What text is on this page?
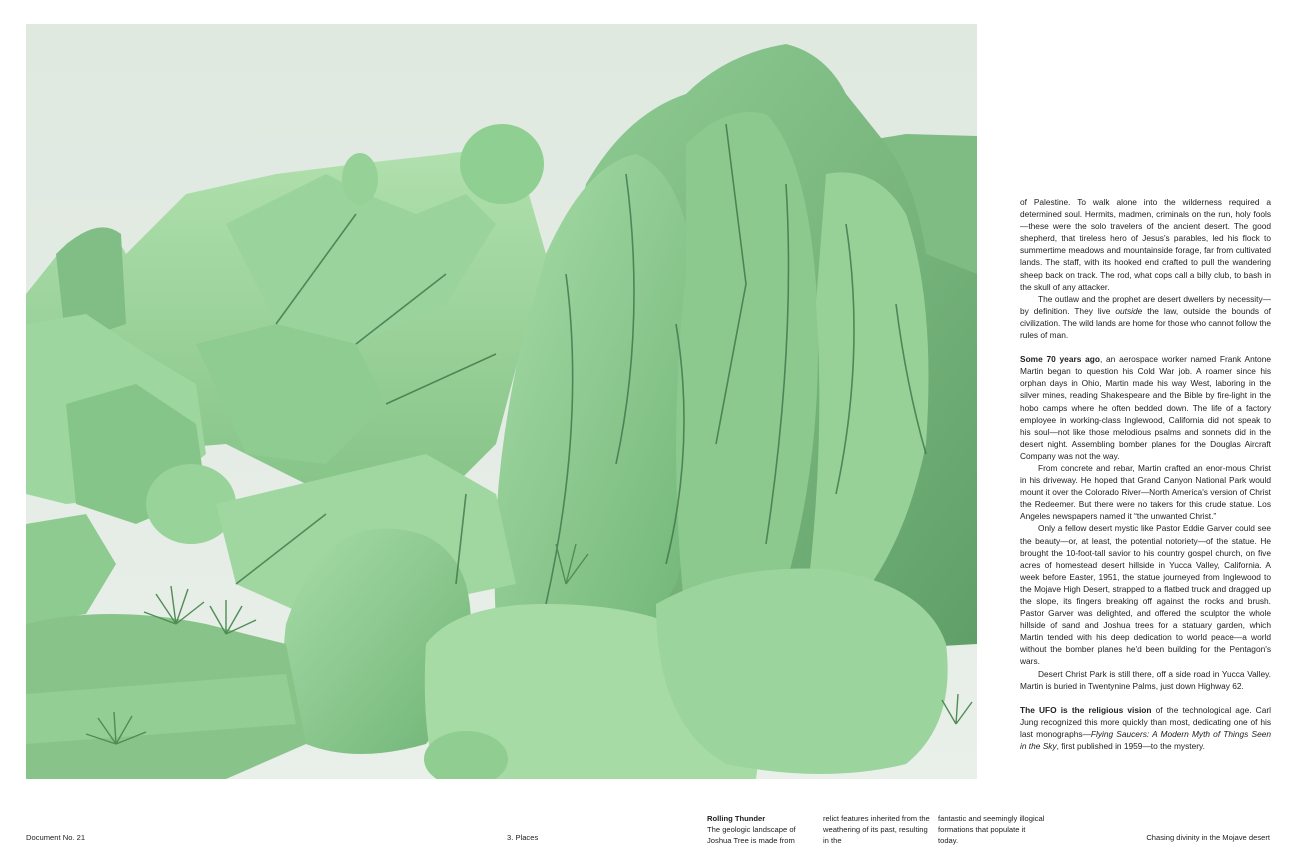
of Palestine. To walk alone into the wilderness required a determined soul. Hermits, madmen, criminals on the run, holy fools—these were the solo travelers of the ancient desert. The good shepherd, that tireless hero of Jesus's parables, led his flock to summertime meadows and mountainside forage, far from cultivated lands. The staff, with its hooked end crafted to pull the wandering sheep back on track. The rod, what cops call a billy club, to bash in the skull of any attacker.

The outlaw and the prophet are desert dwellers by necessity—by definition. They live outside the law, outside the bounds of civilization. The wild lands are home for those who cannot follow the rules of man.

Some 70 years ago, an aerospace worker named Frank Antone Martin began to question his Cold War job. A roamer since his orphan days in Ohio, Martin made his way West, laboring in the silver mines, reading Shakespeare and the Bible by fire-light in the hobo camps where he often bedded down. The life of a factory employee in working-class Inglewood, California did not speak to his soul—not like those melodious psalms and sonnets did in the desert night. Assembling bomber planes for the Douglas Aircraft Company was not the way.

From concrete and rebar, Martin crafted an enor-mous Christ in his driveway. He hoped that Grand Canyon National Park would mount it over the Colorado River—North America's version of Christ the Redeemer. But there were no takers for this crude statue. Los Angeles newspapers named it “the unwanted Christ.”

Only a fellow desert mystic like Pastor Eddie Garver could see the beauty—or, at least, the potential notoriety—of the statue. He brought the 10-foot-tall savior to his country gospel church, on five acres of homestead desert hillside in Yucca Valley, California. A week before Easter, 1951, the statue journeyed from Inglewood to the Mojave High Desert, strapped to a flatbed truck and dragged up the slope, its fingers breaking off against the rocks and brush. Pastor Garver was delighted, and offered the sculptor the whole hillside of sand and Joshua trees for a statuary garden, which Martin tended with his deep dedication to world peace—a world without the bomber planes he'd been building for the Pentagon's wars.

Desert Christ Park is still there, off a side road in Yucca Valley. Martin is buried in Twentynine Palms, just down Highway 62.

The UFO is the religious vision of the technological age. Carl Jung recognized this more quickly than most, dedicating one of his last monographs—Flying Saucers: A Modern Myth of Things Seen in the Sky, first published in 1959—to the mystery.

Rolling Thunder
The geologic landscape of Joshua Tree is made from
relict features inherited from the weathering of its past, resulting in the
fantastic and seemingly illogical formations that populate it today.
Document No. 21	3. Places	Chasing divinity in the Mojave desert
